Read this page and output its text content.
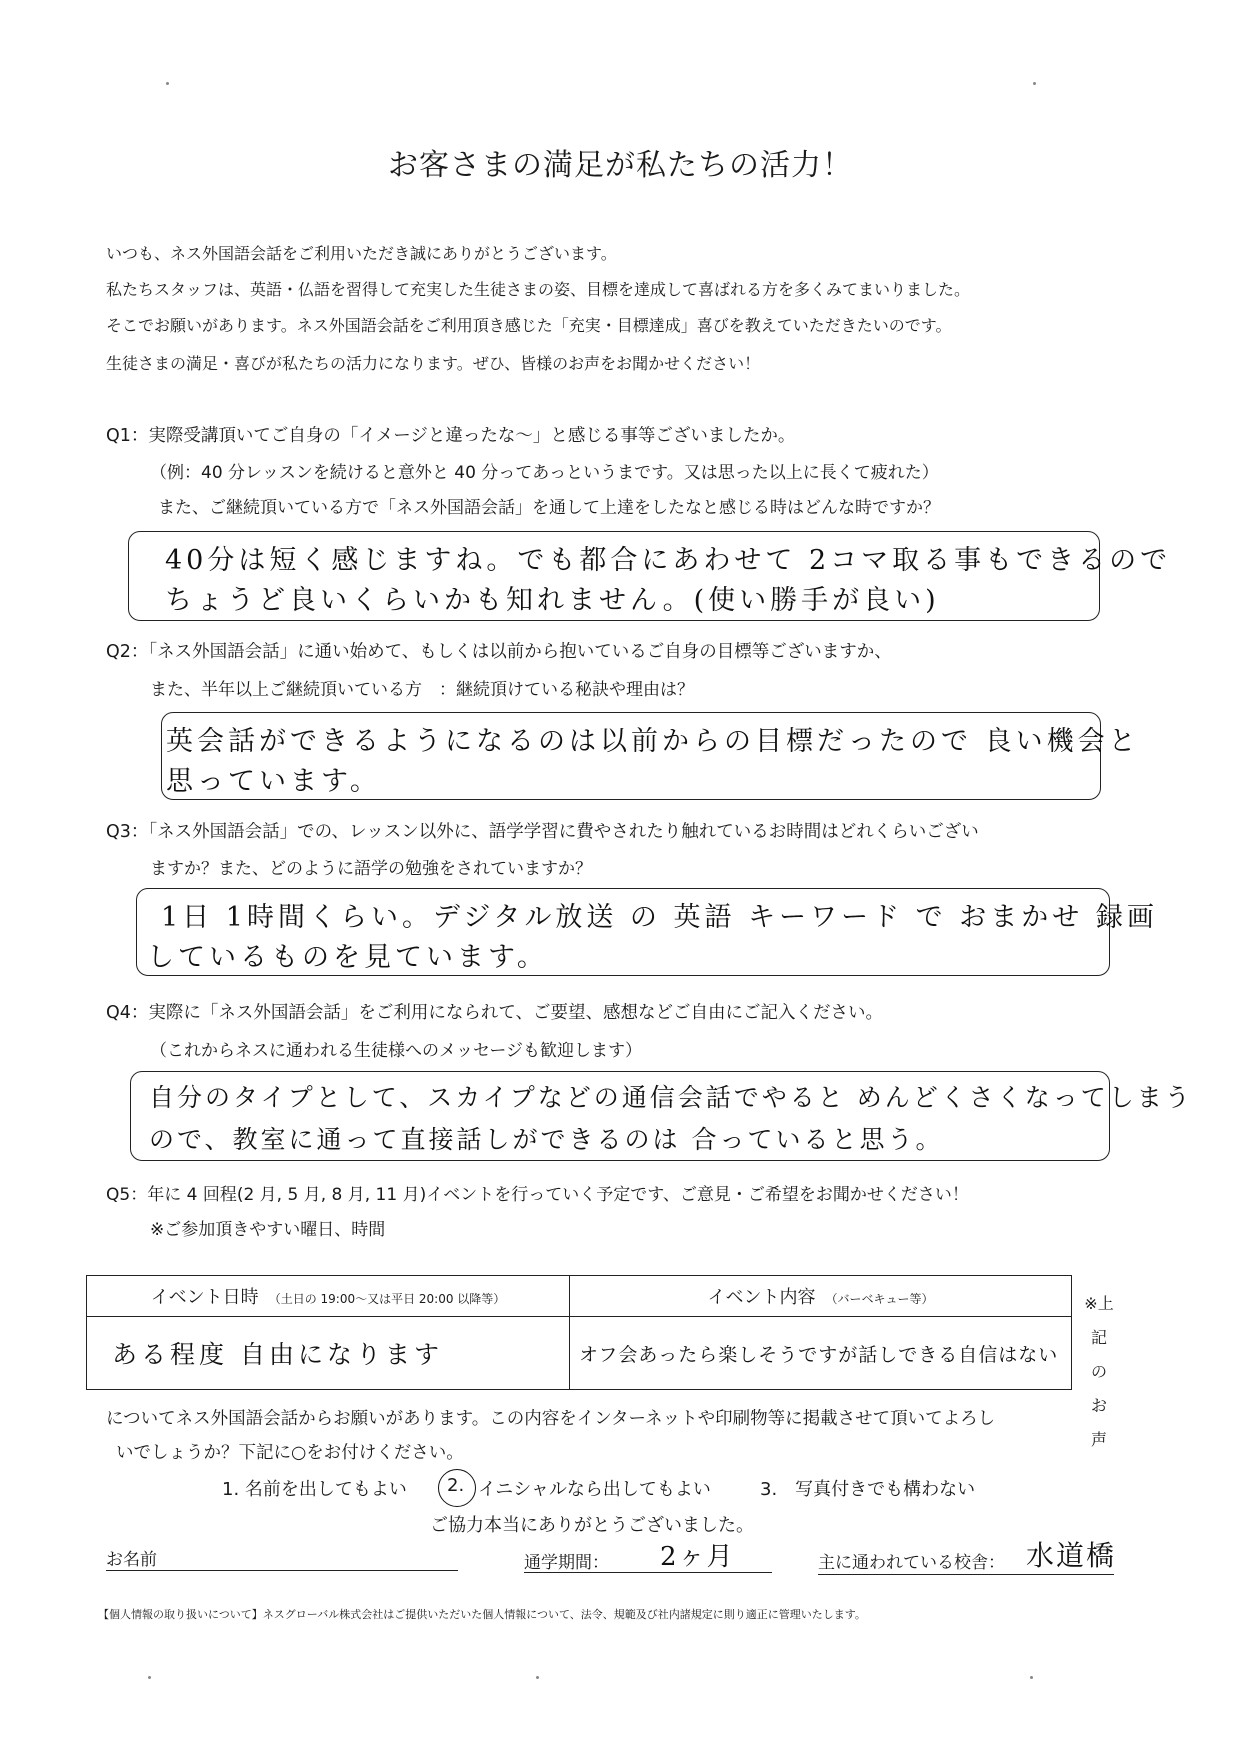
お客さまの満足が私たちの活力！
いつも、ネス外国語会話をご利用いただき誠にありがとうございます。
私たちスタッフは、英語・仏語を習得して充実した生徒さまの姿、目標を達成して喜ばれる方を多くみてまいりました。
そこでお願いがあります。ネス外国語会話をご利用頂き感じた「充実・目標達成」喜びを教えていただきたいのです。
生徒さまの満足・喜びが私たちの活力になります。ぜひ、皆様のお声をお聞かせください！
Q1：実際受講頂いてご自身の「イメージと違ったな～」と感じる事等ございましたか。
（例：40 分レッスンを続けると意外と 40 分ってあっというまです。又は思った以上に長くて疲れた）
また、ご継続頂いている方で「ネス外国語会話」を通して上達をしたなと感じる時はどんな時ですか？
40分は短く感じますね。でも都合にあわせて 2コマ取る事もできるので
ちょうど良いくらいかも知れません。(使い勝手が良い)
Q2：「ネス外国語会話」に通い始めて、もしくは以前から抱いているご自身の目標等ございますか、
また、半年以上ご継続頂いている方　：継続頂けている秘訣や理由は？
英会話ができるようになるのは以前からの目標だったので 良い機会と
思っています。
Q3：「ネス外国語会話」での、レッスン以外に、語学学習に費やされたり触れているお時間はどれくらいござい
ますか？また、どのように語学の勉強をされていますか？
1日 1時間くらい。デジタル放送 の 英語 キーワード で おまかせ 録画
しているものを見ています。
Q4：実際に「ネス外国語会話」をご利用になられて、ご要望、感想などご自由にご記入ください。
（これからネスに通われる生徒様へのメッセージも歓迎します）
自分のタイプとして、スカイプなどの通信会話でやると めんどくさくなってしまう
ので、教室に通って直接話しができるのは 合っていると思う。
Q5：年に 4 回程(2 月, 5 月, 8 月, 11 月)イベントを行っていく予定です、ご意見・ご希望をお聞かせください！
※ご参加頂きやすい曜日、時間
イベント日時 （土日の 19:00～又は平日 20:00 以降等）	イベント内容 （バーベキュー等）
ある程度 自由になります	オフ会あったら楽しそうですが話しできる自信はない
※上
記の
お声
についてネス外国語会話からお願いがあります。この内容をインターネットや印刷物等に掲載させて頂いてよろし
いでしょうか？下記に○をお付けください。
1. 名前を出してもよい 2. イニシャルなら出してもよい	3.　写真付きでも構わない
ご協力本当にありがとうございました。
お名前	通学期間： 2ヶ月	主に通われている校舎： 水道橋
【個人情報の取り扱いについて】ネスグローバル株式会社はご提供いただいた個人情報について、法令、規範及び社内諸規定に則り適正に管理いたします。
